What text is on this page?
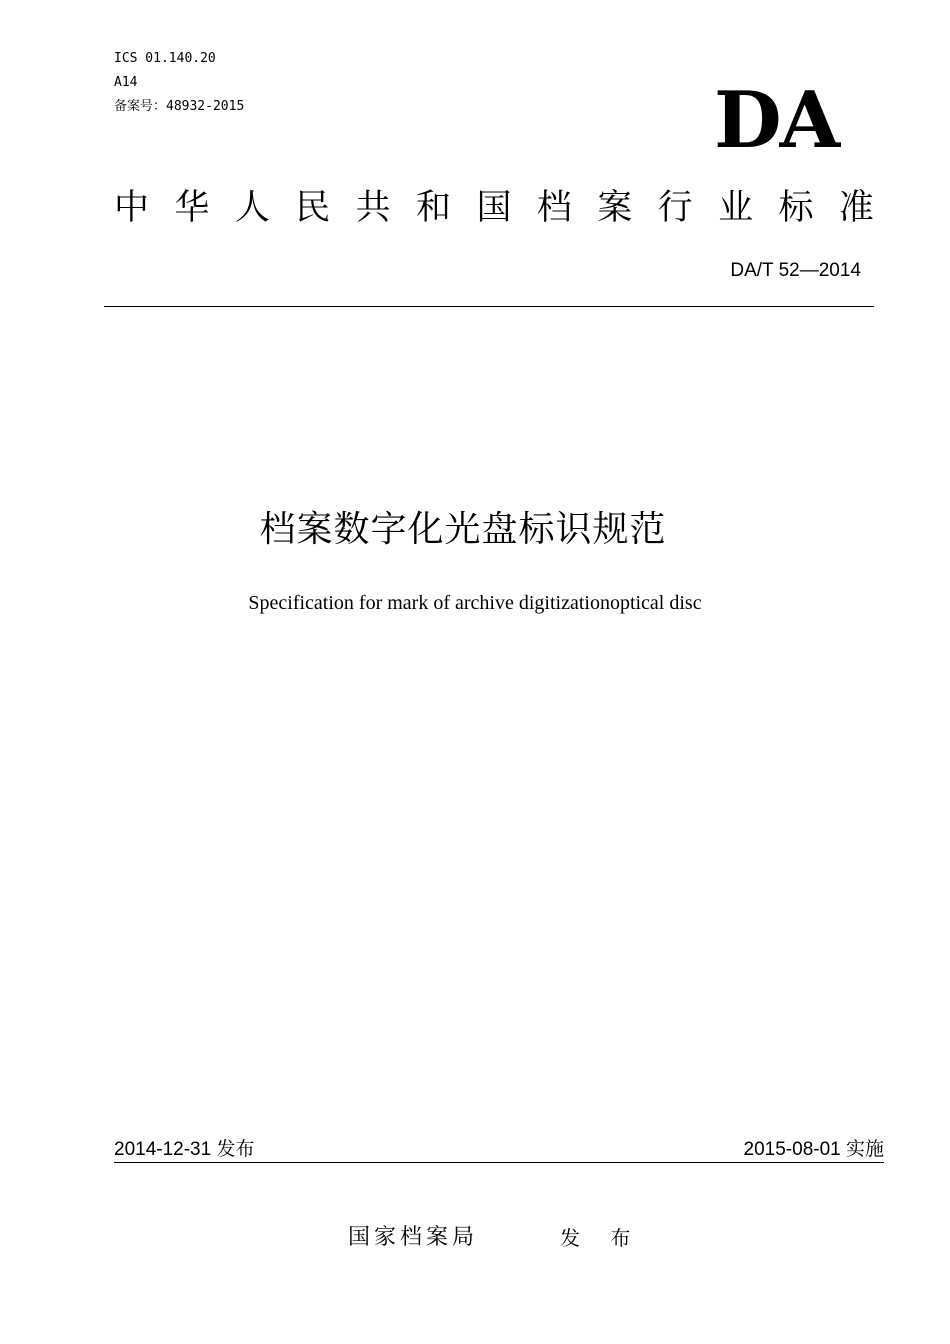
ICS 01.140.20
A14
备案号：48932-2015	DA
中 华 人 民 共 和 国 档 案 行 业 标 准
DA/T 52—2014
档案数字化光盘标识规范
Specification for mark of archive digitizationoptical disc
2014-12-31 发布	2015-08-01 实施
国家档案局	发 布
